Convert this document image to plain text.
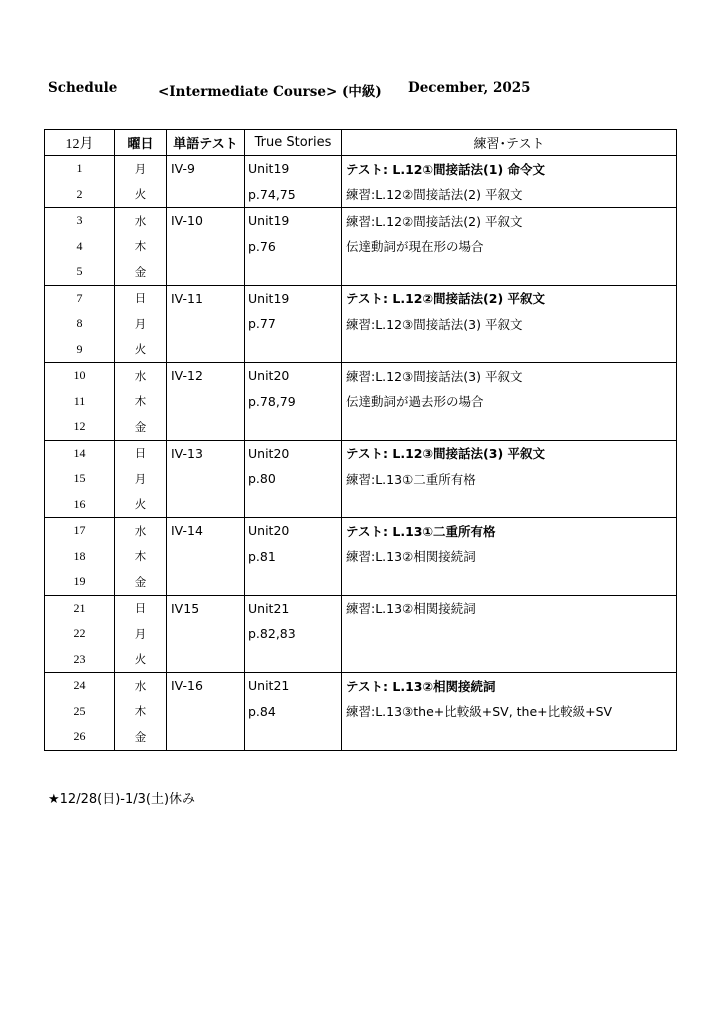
Schedule	<Intermediate Course> (中級) December, 2025
12月	曜日	単語テスト	True Stories	練習･テスト
1	月	IV-9	Unit19	テスト: L.12①間接話法(1) 命令文
2	火		p.74,75	練習:L.12②間接話法(2) 平叙文
3	水	IV-10	Unit19	練習:L.12②間接話法(2) 平叙文
4	木		p.76	伝達動詞が現在形の場合
5	金			
7	日	IV-11	Unit19	テスト: L.12②間接話法(2) 平叙文
8	月		p.77	練習:L.12③間接話法(3) 平叙文
9	火			
10	水	IV-12	Unit20	練習:L.12③間接話法(3) 平叙文
11	木		p.78,79	伝達動詞が過去形の場合
12	金			
14	日	IV-13	Unit20	テスト: L.12③間接話法(3) 平叙文
15	月		p.80	練習:L.13①二重所有格
16	火			
17	水	IV-14	Unit20	テスト: L.13①二重所有格
18	木		p.81	練習:L.13②相関接続詞
19	金			
21	日	IV15	Unit21	練習:L.13②相関接続詞
22	月		p.82,83	
23	火			
24	水	IV-16	Unit21	テスト: L.13②相関接続詞
25	木		p.84	練習:L.13③the+比較級+SV, the+比較級+SV
26	金			
★12/28(日)-1/3(土)休み
